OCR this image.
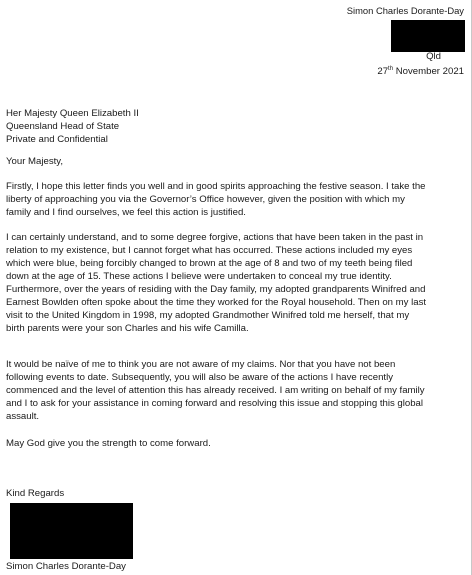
Simon Charles Dorante-Day
Qld
27th November 2021
Her Majesty Queen Elizabeth II
Queensland Head of State
Private and Confidential
Your Majesty,
Firstly, I hope this letter finds you well and in good spirits approaching the festive season. I take the
liberty of approaching you via the Governor’s Office however, given the position with which my
family and I find ourselves, we feel this action is justified.
I can certainly understand, and to some degree forgive, actions that have been taken in the past in
relation to my existence, but I cannot forget what has occurred. These actions included my eyes
which were blue, being forcibly changed to brown at the age of 8 and two of my teeth being filed
down at the age of 15. These actions I believe were undertaken to conceal my true identity.
Furthermore, over the years of residing with the Day family, my adopted grandparents Winifred and
Earnest Bowlden often spoke about the time they worked for the Royal household. Then on my last
visit to the United Kingdom in 1998, my adopted Grandmother Winifred told me herself, that my
birth parents were your son Charles and his wife Camilla.
It would be naïve of me to think you are not aware of my claims. Nor that you have not been
following events to date. Subsequently, you will also be aware of the actions I have recently
commenced and the level of attention this has already received. I am writing on behalf of my family
and I to ask for your assistance in coming forward and resolving this issue and stopping this global
assault.
May God give you the strength to come forward.
Kind Regards
Simon Charles Dorante-Day
